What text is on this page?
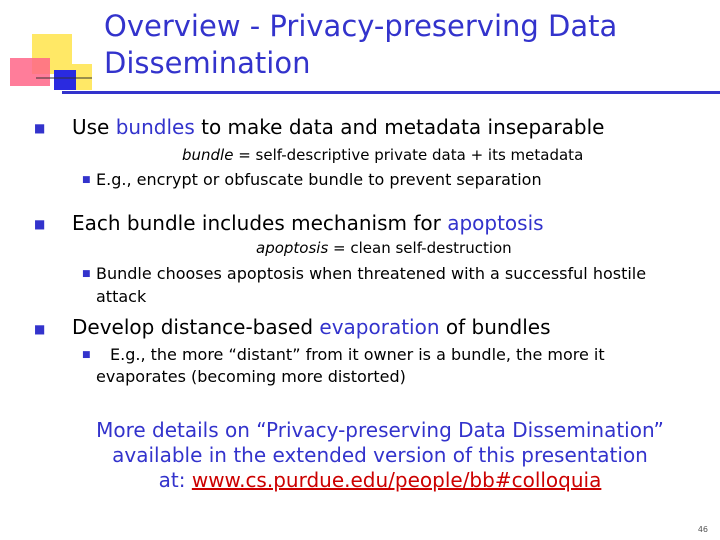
Overview - Privacy-preserving Data
Dissemination
■ Use bundles to make data and metadata inseparable
bundle = self-descriptive private data + its metadata
■ E.g., encrypt or obfuscate bundle to prevent separation
■ Each bundle includes mechanism for apoptosis
apoptosis = clean self-destruction
■ Bundle chooses apoptosis when threatened with a successful hostile
attack
■ Develop distance-based evaporation of bundles
■ E.g., the more “distant” from it owner is a bundle, the more it
evaporates (becoming more distorted)
More details on “Privacy-preserving Data Dissemination”
available in the extended version of this presentation
at: www.cs.purdue.edu/people/bb#colloquia
46
